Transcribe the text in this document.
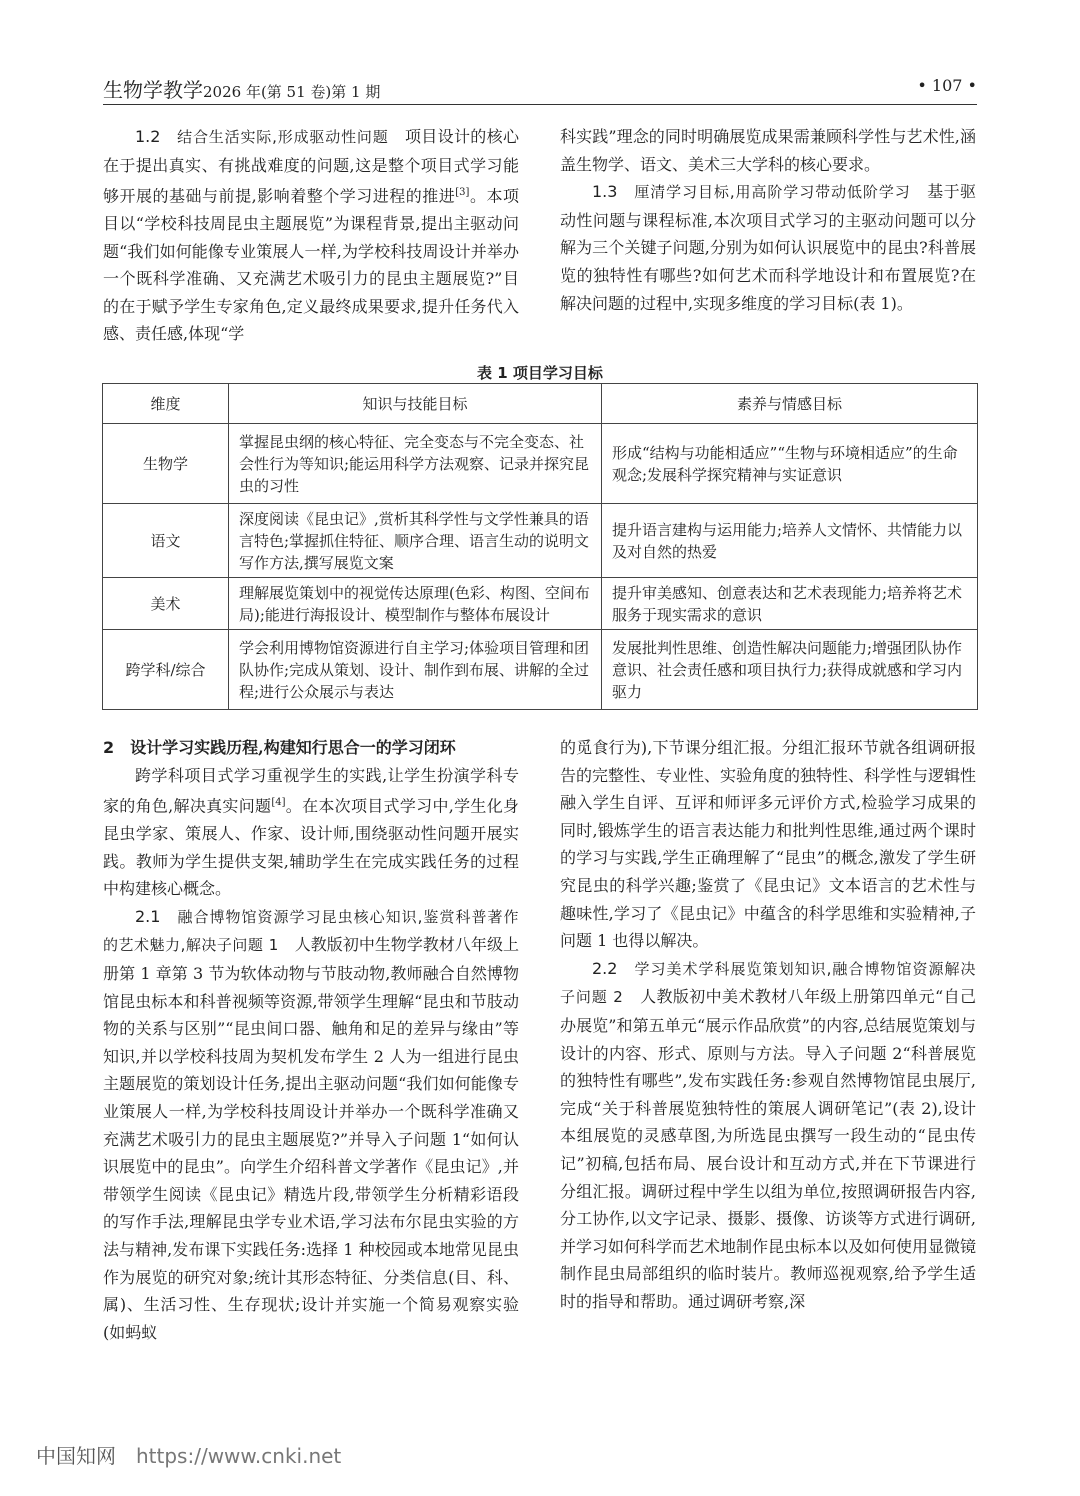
生物学教学2026 年(第 51 卷)第 1 期	• 107 •

1.2　 结合生活实际,形成驱动性问题　 项目设计的核心在于提出真实、有挑战难度的问题,这是整个项目式学习能够开展的基础与前提,影响着整个学习进程的推进[3]。本项目以“学校科技周昆虫主题展览”为课程背景,提出主驱动问题“我们如何能像专业策展人一样,为学校科技周设计并举办一个既科学准确、又充满艺术吸引力的昆虫主题展览?”目的在于赋予学生专家角色,定义最终成果要求,提升任务代入感、责任感,体现“学

科实践”理念的同时明确展览成果需兼顾科学性与艺术性,涵盖生物学、语文、美术三大学科的核心要求。

1.3　 厘清学习目标,用高阶学习带动低阶学习　 基于驱动性问题与课程标准,本次项目式学习的主驱动问题可以分解为三个关键子问题,分别为如何认识展览中的昆虫?科普展览的独特性有哪些?如何艺术而科学地设计和布置展览?在解决问题的过程中,实现多维度的学习目标(表 1)。

表 1 项目学习目标
维度	知识与技能目标	素养与情感目标
生物学	掌握昆虫纲的核心特征、完全变态与不完全变态、社会性行为等知识;能运用科学方法观察、记录并探究昆虫的习性	形成“结构与功能相适应”“生物与环境相适应”的生命观念;发展科学探究精神与实证意识
语文	深度阅读《昆虫记》,赏析其科学性与文学性兼具的语言特色;掌握抓住特征、顺序合理、语言生动的说明文写作方法,撰写展览文案	提升语言建构与运用能力;培养人文情怀、共情能力以及对自然的热爱
美术	理解展览策划中的视觉传达原理(色彩、构图、空间布局);能进行海报设计、模型制作与整体布展设计	提升审美感知、创意表达和艺术表现能力;培养将艺术服务于现实需求的意识
跨学科/综合	学会利用博物馆资源进行自主学习;体验项目管理和团队协作;完成从策划、设计、制作到布展、讲解的全过程;进行公众展示与表达	发展批判性思维、创造性解决问题能力;增强团队协作意识、社会责任感和项目执行力;获得成就感和学习内驱力

2　 设计学习实践历程,构建知行思合一的学习闭环

跨学科项目式学习重视学生的实践,让学生扮演学科专家的角色,解决真实问题[4]。在本次项目式学习中,学生化身昆虫学家、策展人、作家、设计师,围绕驱动性问题开展实践。教师为学生提供支架,辅助学生在完成实践任务的过程中构建核心概念。

2.1　 融合博物馆资源学习昆虫核心知识,鉴赏科普著作的艺术魅力,解决子问题 1　 人教版初中生物学教材八年级上册第 1 章第 3 节为软体动物与节肢动物,教师融合自然博物馆昆虫标本和科普视频等资源,带领学生理解“昆虫和节肢动物的关系与区别”“昆虫间口器、触角和足的差异与缘由”等知识,并以学校科技周为契机发布学生 2 人为一组进行昆虫主题展览的策划设计任务,提出主驱动问题“我们如何能像专业策展人一样,为学校科技周设计并举办一个既科学准确又充满艺术吸引力的昆虫主题展览?”并导入子问题 1“如何认识展览中的昆虫”。向学生介绍科普文学著作《昆虫记》,并带领学生阅读《昆虫记》精选片段,带领学生分析精彩语段的写作手法,理解昆虫学专业术语,学习法布尔昆虫实验的方法与精神,发布课下实践任务:选择 1 种校园或本地常见昆虫作为展览的研究对象;统计其形态特征、分类信息(目、科、属)、生活习性、生存现状;设计并实施一个简易观察实验(如蚂蚁

的觅食行为),下节课分组汇报。分组汇报环节就各组调研报告的完整性、专业性、实验角度的独特性、科学性与逻辑性融入学生自评、互评和师评多元评价方式,检验学习成果的同时,锻炼学生的语言表达能力和批判性思维,通过两个课时的学习与实践,学生正确理解了“昆虫”的概念,激发了学生研究昆虫的科学兴趣;鉴赏了《昆虫记》文本语言的艺术性与趣味性,学习了《昆虫记》中蕴含的科学思维和实验精神,子问题 1 也得以解决。

2.2　 学习美术学科展览策划知识,融合博物馆资源解决子问题 2　 人教版初中美术教材八年级上册第四单元“自己办展览”和第五单元“展示作品欣赏”的内容,总结展览策划与设计的内容、形式、原则与方法。导入子问题 2“科普展览的独特性有哪些”,发布实践任务:参观自然博物馆昆虫展厅,完成“关于科普展览独特性的策展人调研笔记”(表 2),设计本组展览的灵感草图,为所选昆虫撰写一段生动的“昆虫传记”初稿,包括布局、展台设计和互动方式,并在下节课进行分组汇报。调研过程中学生以组为单位,按照调研报告内容,分工协作,以文字记录、摄影、摄像、访谈等方式进行调研,并学习如何科学而艺术地制作昆虫标本以及如何使用显微镜制作昆虫局部组织的临时装片。教师巡视观察,给予学生适时的指导和帮助。通过调研考察,深

中国知网 https://www.cnki.net
